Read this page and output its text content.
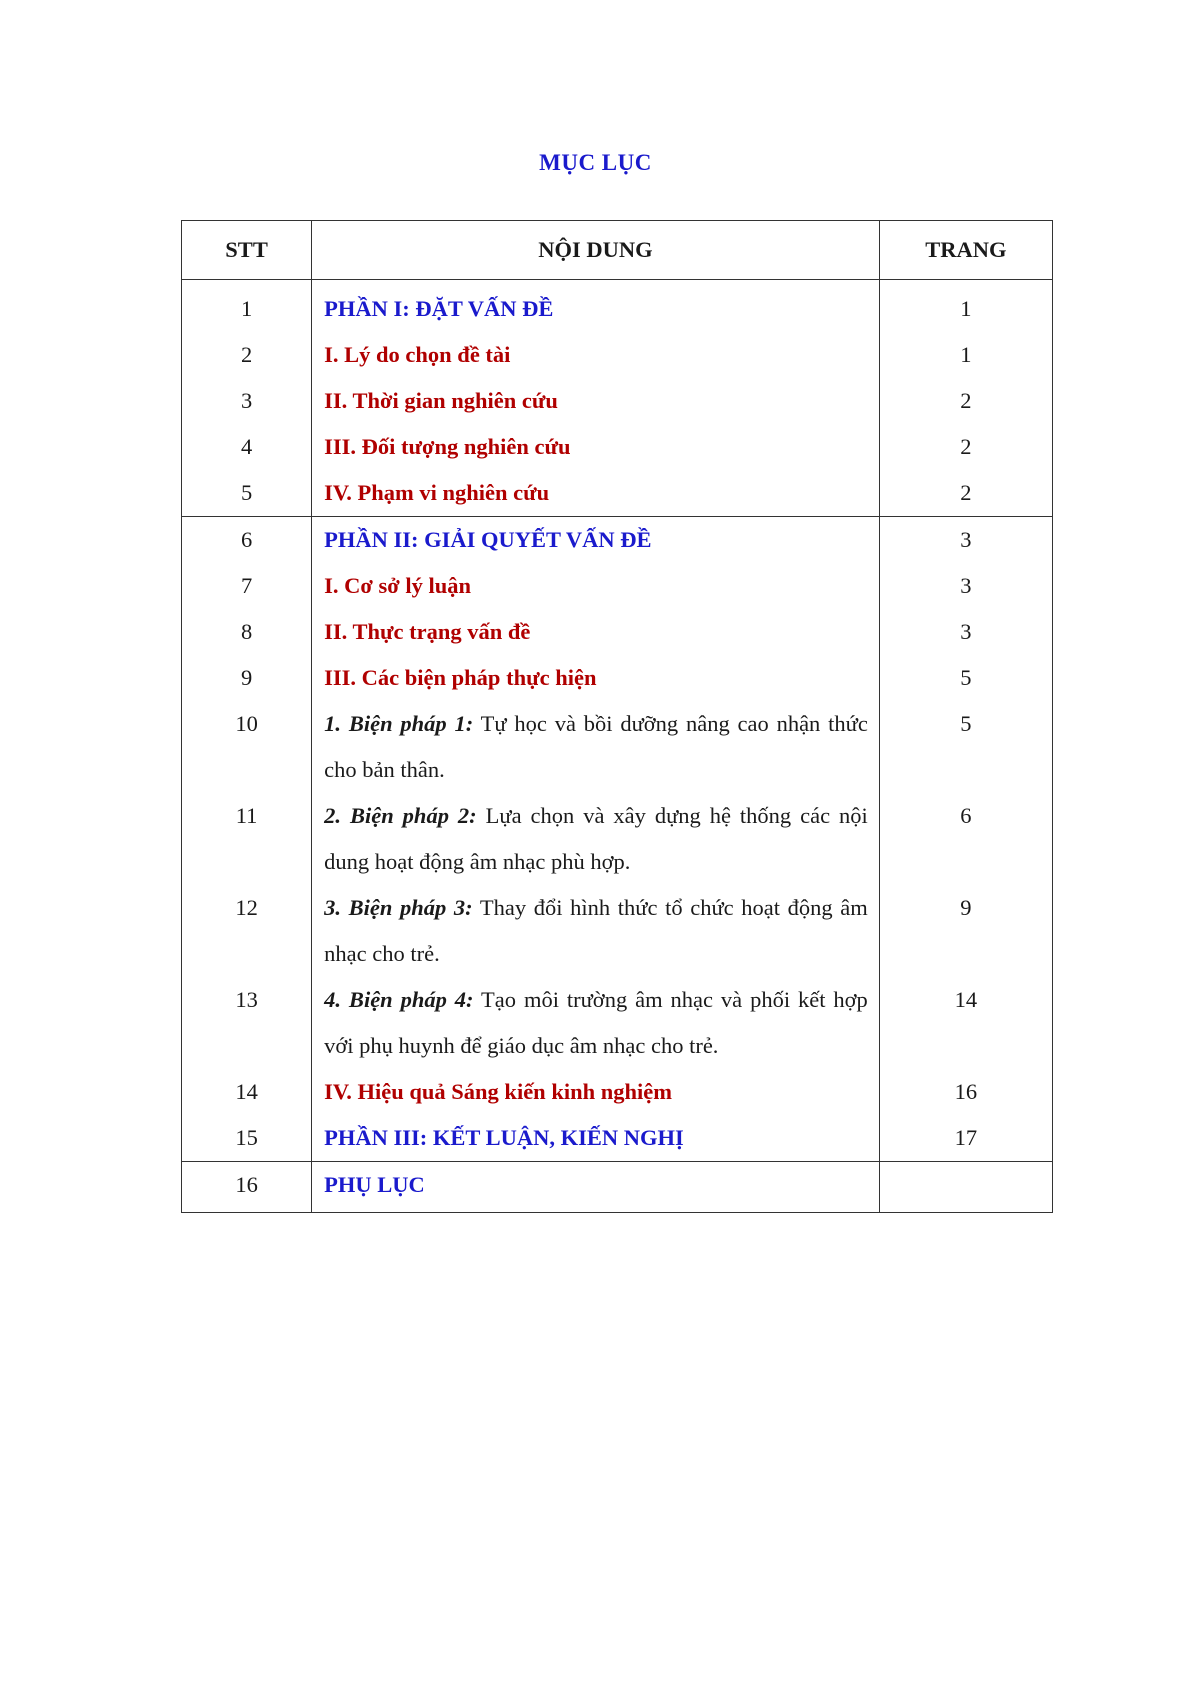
MỤC LỤC
STT	NỘI DUNG	TRANG
1	PHẦN I: ĐẶT VẤN ĐỀ	1
2	I. Lý do chọn đề tài	1
3	II. Thời gian nghiên cứu	2
4	III. Đối tượng nghiên cứu	2
5	IV. Phạm vi nghiên cứu	2
6	PHẦN II: GIẢI QUYẾT VẤN ĐỀ	3
7	I. Cơ sở lý luận	3
8	II. Thực trạng vấn đề	3
9	III. Các biện pháp thực hiện	5
10	1. Biện pháp 1: Tự học và bồi dưỡng nâng cao nhận thức cho bản thân.	5
11	2. Biện pháp 2: Lựa chọn và xây dựng hệ thống các nội dung hoạt động âm nhạc phù hợp.	6
12	3. Biện pháp 3: Thay đổi hình thức tổ chức hoạt động âm nhạc cho trẻ.	9
13	4. Biện pháp 4: Tạo môi trường âm nhạc và phối kết hợp với phụ huynh để giáo dục âm nhạc cho trẻ.	14
14	IV. Hiệu quả Sáng kiến kinh nghiệm	16
15	PHẦN III: KẾT LUẬN, KIẾN NGHỊ	17
16	PHỤ LỤC	
